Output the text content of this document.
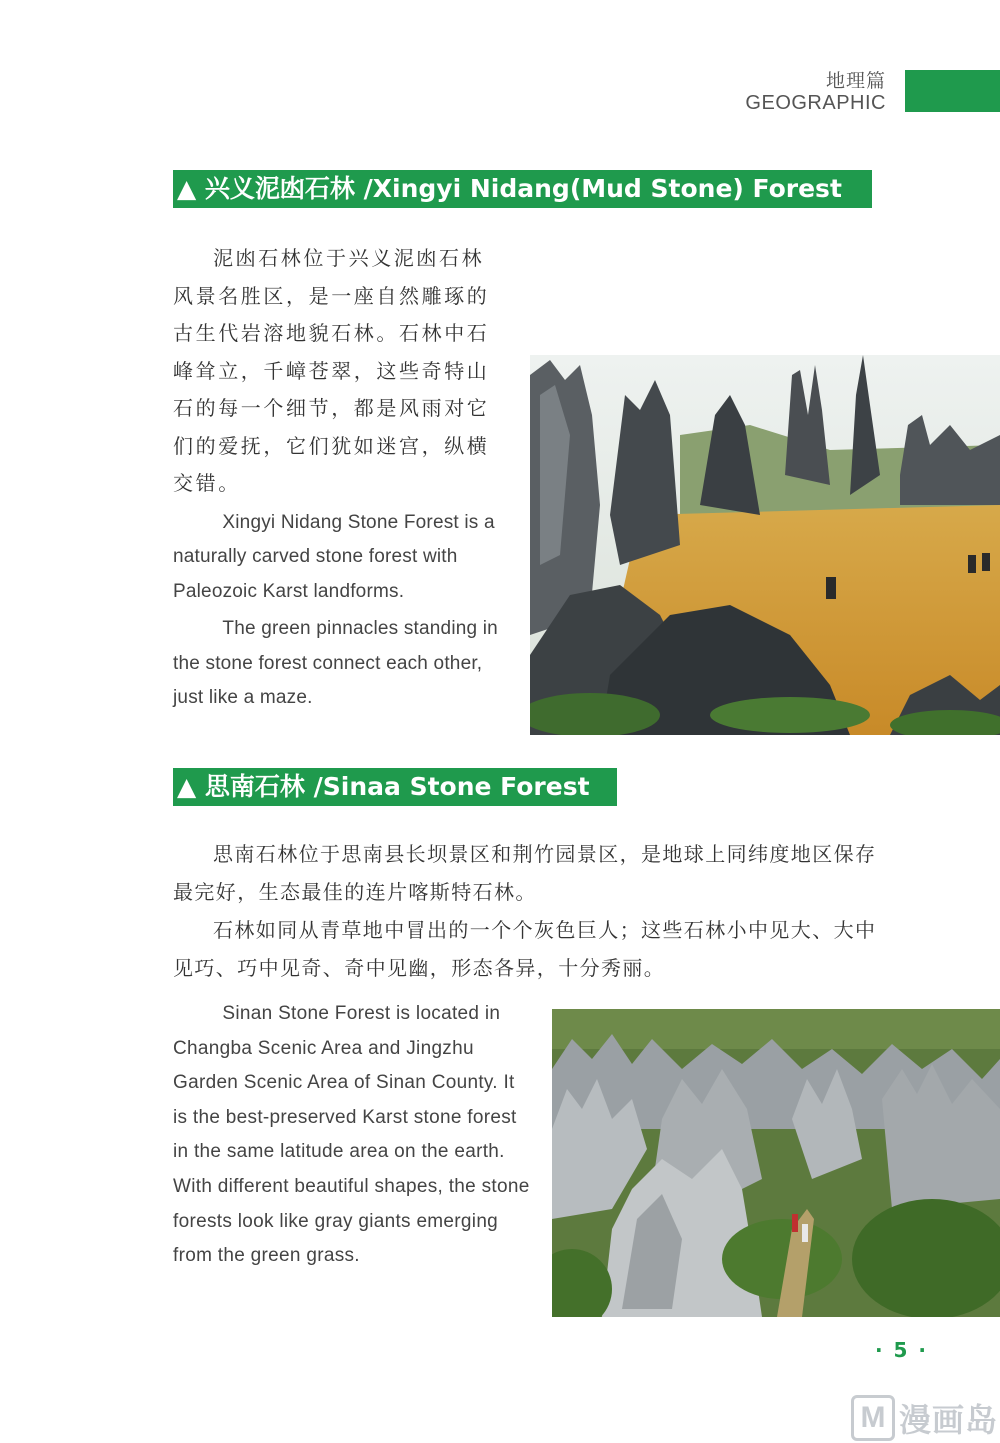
地理篇
GEOGRAPHIC
▲ 兴义泥凼石林 /Xingyi Nidang(Mud Stone) Forest

泥凼石林位于兴义泥凼石林风景名胜区，是一座自然雕琢的古生代岩溶地貌石林。石林中石峰耸立，千嶂苍翠，这些奇特山石的每一个细节，都是风雨对它们的爱抚，它们犹如迷宫，纵横交错。

Xingyi Nidang Stone Forest is a naturally carved stone forest with Paleozoic Karst landforms.

The green pinnacles standing in the stone forest connect each other, just like a maze.

▲ 思南石林 /Sinaa Stone Forest

思南石林位于思南县长坝景区和荆竹园景区，是地球上同纬度地区保存最完好，生态最佳的连片喀斯特石林。

石林如同从青草地中冒出的一个个灰色巨人；这些石林小中见大、大中见巧、巧中见奇、奇中见幽，形态各异，十分秀丽。

Sinan Stone Forest is located in Changba Scenic Area and Jingzhu Garden Scenic Area of Sinan County. It is the best-preserved Karst stone forest in the same latitude area on the earth. With different beautiful shapes, the stone forests look like gray giants emerging from the green grass.

· 5 ·
M 漫画岛
